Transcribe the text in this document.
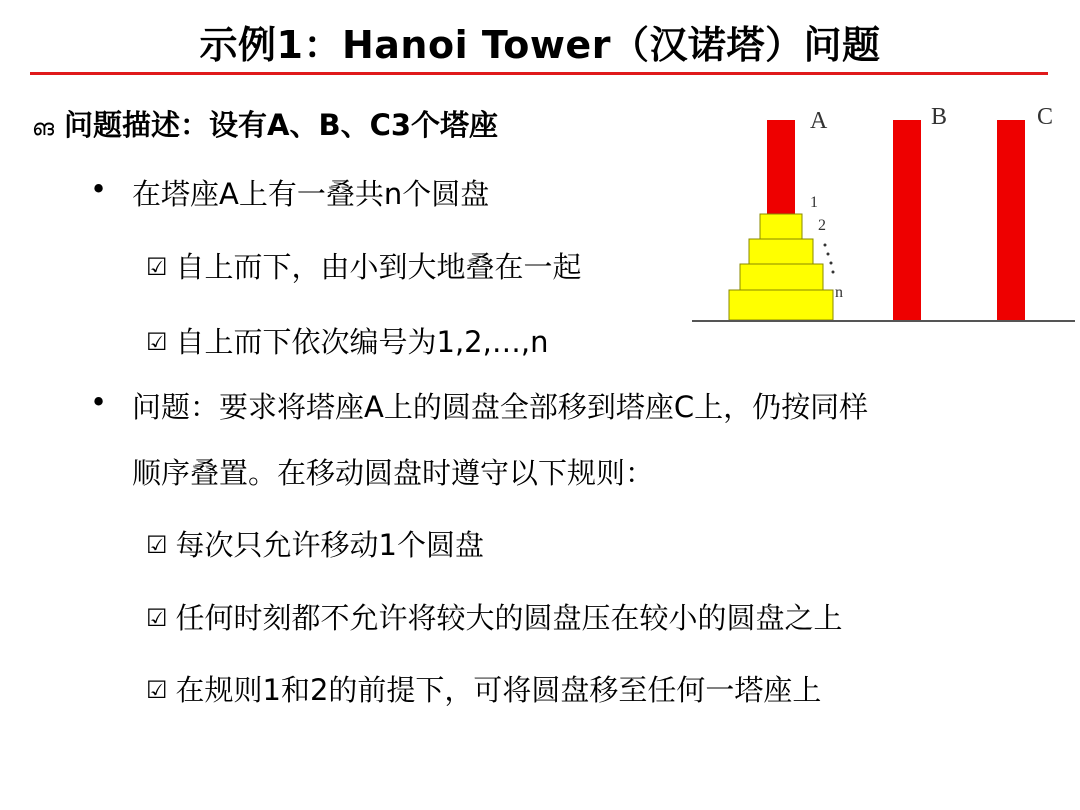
示例1：Hanoi Tower（汉诺塔）问题
ങ 问题描述：设有A、B、C3个塔座
• 在塔座A上有一叠共n个圆盘
☑ 自上而下，由小到大地叠在一起
☑ 自上而下依次编号为1,2,…,n
• 问题：要求将塔座A上的圆盘全部移到塔座C上，仍按同样
顺序叠置。在移动圆盘时遵守以下规则：
☑ 每次只允许移动1个圆盘
☑ 任何时刻都不允许将较大的圆盘压在较小的圆盘之上
☑ 在规则1和2的前提下，可将圆盘移至任何一塔座上
A	B	C
1
2
n
